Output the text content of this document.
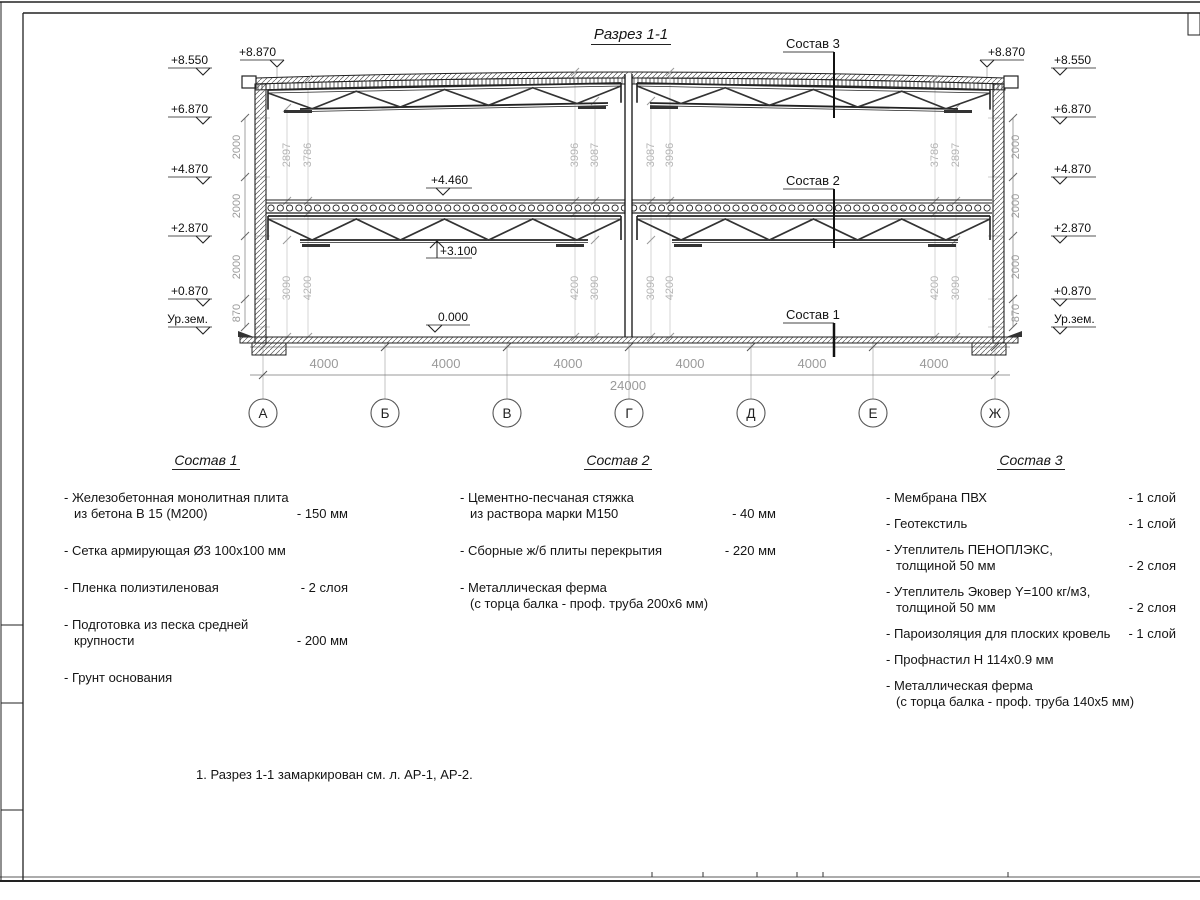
2000
2000
2000
870
2000
2000
2000
870
2897
3090
3786
4200
3996
4200
3087
3090
3087
3090
3996
4200
3786
4200
2897
3090
4000	4000	4000	4000	4000	4000
24000
А	Б	В	Г	Д	Е	Ж
Состав 3
Состав 2
Состав 1
+8.550
+6.870
+4.870
+2.870
+0.870
Ур.зем.
+8.550
+6.870
+4.870
+2.870
+0.870
Ур.зем.
+8.870	+8.870
+4.460
0.000
+3.100
Разрез 1-1
Состав 1
- Железобетонная монолитная плита
из бетона В 15 (М200)	- 150 мм
- Сетка армирующая Ø3 100х100 мм
- Пленка полиэтиленовая	- 2 слоя
- Подготовка из песка средней
крупности	- 200 мм
- Грунт основания
Состав 2
- Цементно-песчаная стяжка
из раствора марки М150	- 40 мм
- Сборные ж/б плиты перекрытия	- 220 мм
- Металлическая ферма
(с торца балка - проф. труба 200х6 мм)
Состав 3
- Мембрана ПВХ	- 1 слой
- Геотекстиль	- 1 слой
- Утеплитель ПЕНОПЛЭКС,
толщиной 50 мм	- 2 слоя
- Утеплитель Эковер Y=100 кг/м3,
толщиной 50 мм	- 2 слоя
- Пароизоляция для плоских кровель	- 1 слой
- Профнастил Н 114х0.9 мм
- Металлическая ферма
(с торца балка - проф. труба 140х5 мм)
1. Разрез 1-1 замаркирован см. л. АР-1, АР-2.
